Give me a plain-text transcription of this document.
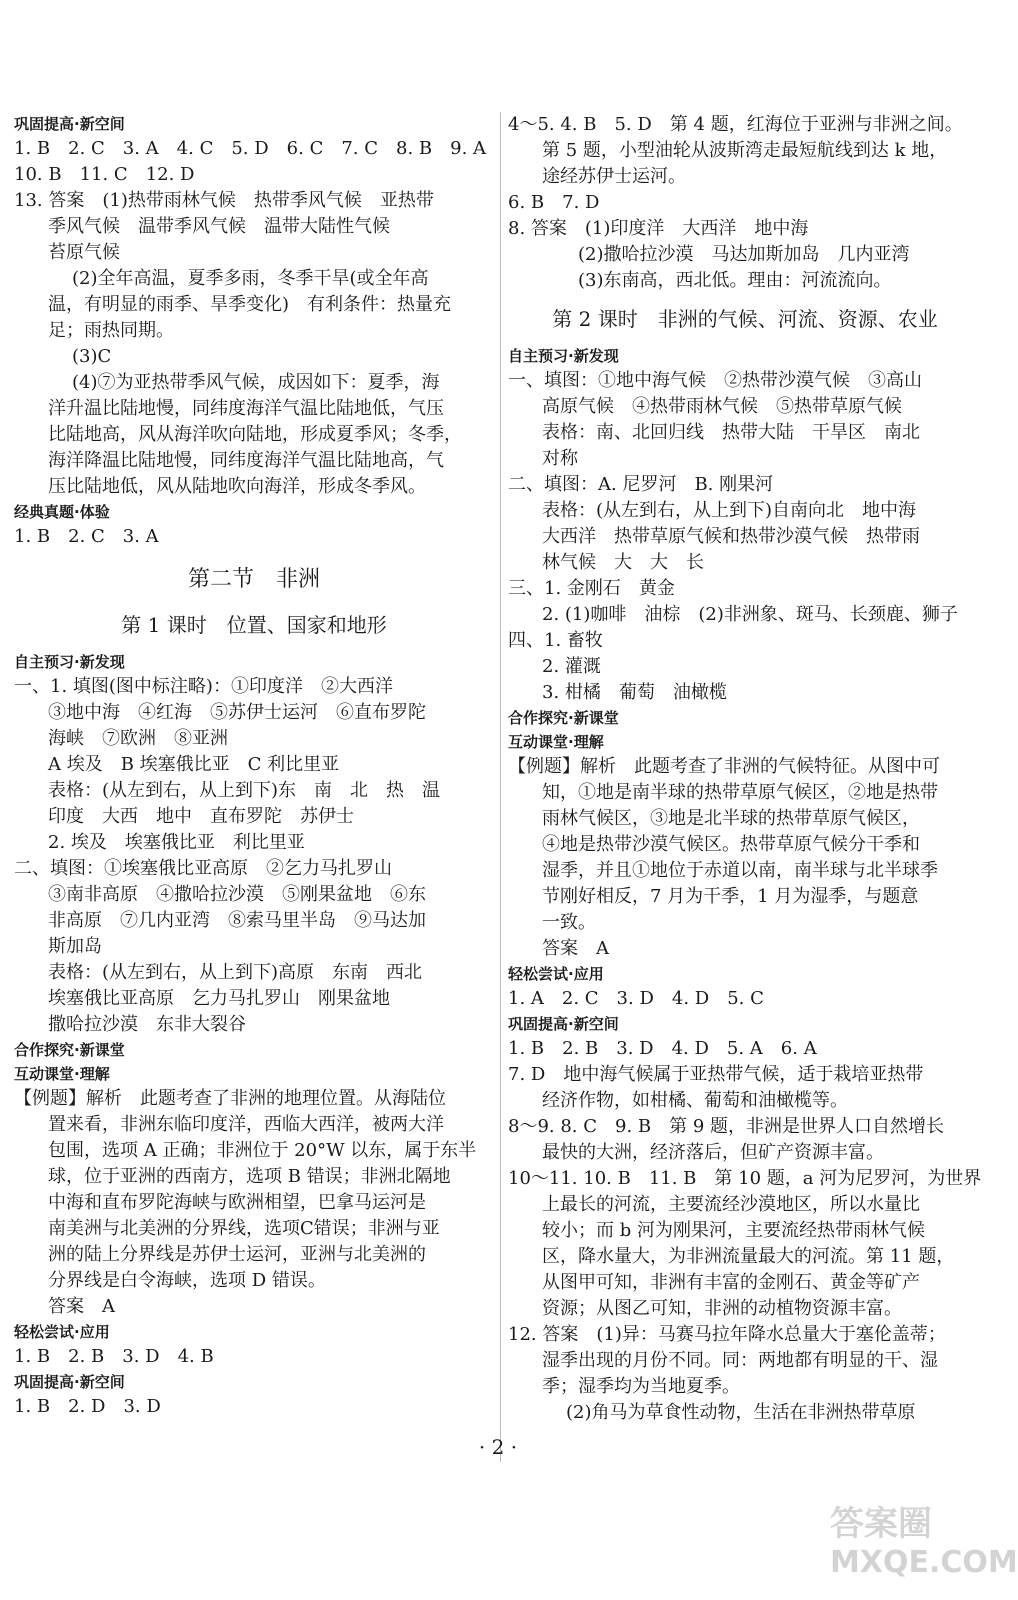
巩固提高·新空间
1. B　2. C　3. A　4. C　5. D　6. C　7. C　8. B　9. A
10. B　11. C　12. D
13. 答案　(1)热带雨林气候　热带季风气候　亚热带
季风气候　温带季风气候　温带大陆性气候
苔原气候
(2)全年高温，夏季多雨，冬季干旱(或全年高
温，有明显的雨季、旱季变化)　有利条件：热量充
足；雨热同期。
(3)C
(4)⑦为亚热带季风气候，成因如下：夏季，海
洋升温比陆地慢，同纬度海洋气温比陆地低，气压
比陆地高，风从海洋吹向陆地，形成夏季风；冬季，
海洋降温比陆地慢，同纬度海洋气温比陆地高，气
压比陆地低，风从陆地吹向海洋，形成冬季风。
经典真题·体验
1. B　2. C　3. A
第二节　非洲
第 1 课时　位置、国家和地形
自主预习·新发现
一、1. 填图(图中标注略)：①印度洋　②大西洋
③地中海　④红海　⑤苏伊士运河　⑥直布罗陀
海峡　⑦欧洲　⑧亚洲
A 埃及　B 埃塞俄比亚　C 利比里亚
表格：(从左到右，从上到下)东　南　北　热　温
印度　大西　地中　直布罗陀　苏伊士
2. 埃及　埃塞俄比亚　利比里亚
二、填图：①埃塞俄比亚高原　②乞力马扎罗山
③南非高原　④撒哈拉沙漠　⑤刚果盆地　⑥东
非高原　⑦几内亚湾　⑧索马里半岛　⑨马达加
斯加岛
表格：(从左到右，从上到下)高原　东南　西北
埃塞俄比亚高原　乞力马扎罗山　刚果盆地
撒哈拉沙漠　东非大裂谷
合作探究·新课堂
互动课堂·理解
【例题】解析　此题考查了非洲的地理位置。从海陆位
置来看，非洲东临印度洋，西临大西洋，被两大洋
包围，选项 A 正确；非洲位于 20°W 以东，属于东半
球，位于亚洲的西南方，选项 B 错误；非洲北隔地
中海和直布罗陀海峡与欧洲相望，巴拿马运河是
南美洲与北美洲的分界线，选项C错误；非洲与亚
洲的陆上分界线是苏伊士运河，亚洲与北美洲的
分界线是白令海峡，选项 D 错误。
答案　A
轻松尝试·应用
1. B　2. B　3. D　4. B
巩固提高·新空间
1. B　2. D　3. D
4～5. 4. B　5. D　第 4 题，红海位于亚洲与非洲之间。
第 5 题，小型油轮从波斯湾走最短航线到达 k 地，
途经苏伊士运河。
6. B　7. D
8. 答案　(1)印度洋　大西洋　地中海
(2)撒哈拉沙漠　马达加斯加岛　几内亚湾
(3)东南高，西北低。理由：河流流向。
第 2 课时　非洲的气候、河流、资源、农业
自主预习·新发现
一、填图：①地中海气候　②热带沙漠气候　③高山
高原气候　④热带雨林气候　⑤热带草原气候
表格：南、北回归线　热带大陆　干旱区　南北
对称
二、填图：A. 尼罗河　B. 刚果河
表格：(从左到右，从上到下)自南向北　地中海
大西洋　热带草原气候和热带沙漠气候　热带雨
林气候　大　大　长
三、1. 金刚石　黄金
2. (1)咖啡　油棕　(2)非洲象、斑马、长颈鹿、狮子
四、1. 畜牧
2. 灌溉
3. 柑橘　葡萄　油橄榄
合作探究·新课堂
互动课堂·理解
【例题】解析　此题考查了非洲的气候特征。从图中可
知，①地是南半球的热带草原气候区，②地是热带
雨林气候区，③地是北半球的热带草原气候区，
④地是热带沙漠气候区。热带草原气候分干季和
湿季，并且①地位于赤道以南，南半球与北半球季
节刚好相反，7 月为干季，1 月为湿季，与题意
一致。
答案　A
轻松尝试·应用
1. A　2. C　3. D　4. D　5. C
巩固提高·新空间
1. B　2. B　3. D　4. D　5. A　6. A
7. D　地中海气候属于亚热带气候，适于栽培亚热带
经济作物，如柑橘、葡萄和油橄榄等。
8～9. 8. C　9. B　第 9 题，非洲是世界人口自然增长
最快的大洲，经济落后，但矿产资源丰富。
10～11. 10. B　11. B　第 10 题，a 河为尼罗河，为世界
上最长的河流，主要流经沙漠地区，所以水量比
较小；而 b 河为刚果河，主要流经热带雨林气候
区，降水量大，为非洲流量最大的河流。第 11 题，
从图甲可知，非洲有丰富的金刚石、黄金等矿产
资源；从图乙可知，非洲的动植物资源丰富。
12. 答案　(1)异：马赛马拉年降水总量大于塞伦盖蒂；
湿季出现的月份不同。同：两地都有明显的干、湿
季；湿季均为当地夏季。
(2)角马为草食性动物，生活在非洲热带草原
· 2 ·
答案圈
MXQE.COM
